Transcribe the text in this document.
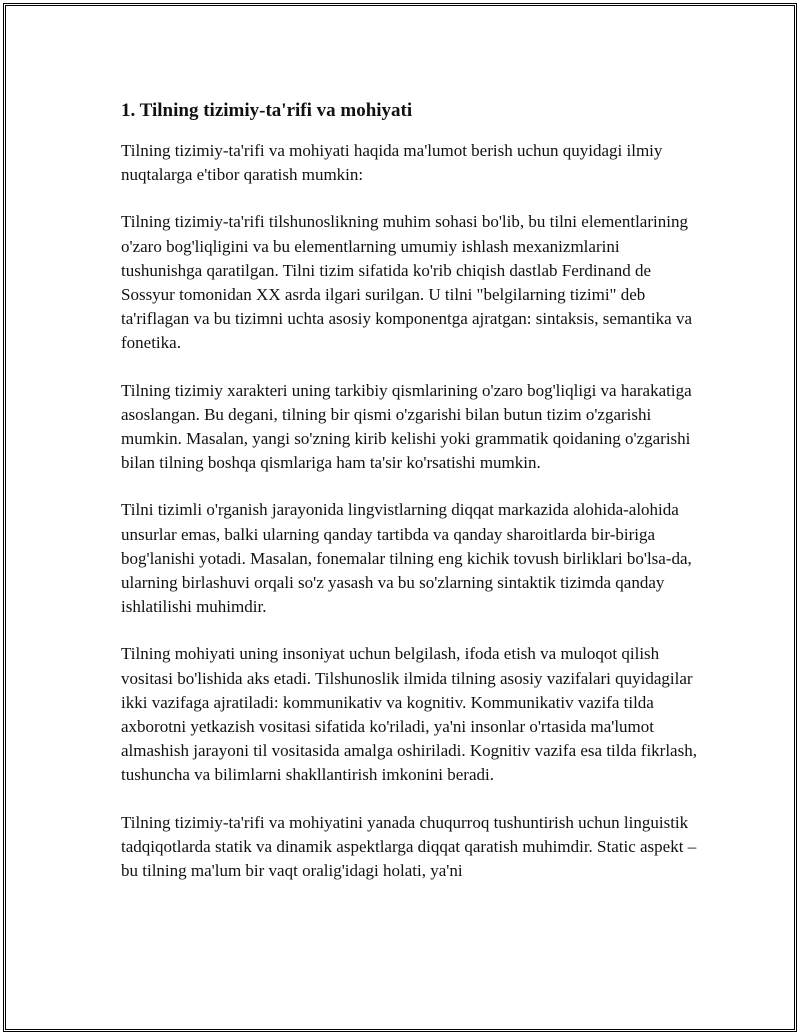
1. Tilning tizimiy-ta'rifi va mohiyati

Tilning tizimiy-ta'rifi va mohiyati haqida ma'lumot berish uchun quyidagi ilmiy nuqtalarga e'tibor qaratish mumkin:

Tilning tizimiy-ta'rifi tilshunoslikning muhim sohasi bo'lib, bu tilni elementlarining o'zaro bog'liqligini va bu elementlarning umumiy ishlash mexanizmlarini tushunishga qaratilgan. Tilni tizim sifatida ko'rib chiqish dastlab Ferdinand de Sossyur tomonidan XX asrda ilgari surilgan. U tilni "belgilarning tizimi" deb ta'riflagan va bu tizimni uchta asosiy komponentga ajratgan: sintaksis, semantika va fonetika.

Tilning tizimiy xarakteri uning tarkibiy qismlarining o'zaro bog'liqligi va harakatiga asoslangan. Bu degani, tilning bir qismi o'zgarishi bilan butun tizim o'zgarishi mumkin. Masalan, yangi so'zning kirib kelishi yoki grammatik qoidaning o'zgarishi bilan tilning boshqa qismlariga ham ta'sir ko'rsatishi mumkin.

Tilni tizimli o'rganish jarayonida lingvistlarning diqqat markazida alohida-alohida unsurlar emas, balki ularning qanday tartibda va qanday sharoitlarda bir-biriga bog'lanishi yotadi. Masalan, fonemalar tilning eng kichik tovush birliklari bo'lsa-da, ularning birlashuvi orqali so'z yasash va bu so'zlarning sintaktik tizimda qanday ishlatilishi muhimdir.

Tilning mohiyati uning insoniyat uchun belgilash, ifoda etish va muloqot qilish vositasi bo'lishida aks etadi. Tilshunoslik ilmida tilning asosiy vazifalari quyidagilar ikki vazifaga ajratiladi: kommunikativ va kognitiv. Kommunikativ vazifa tilda axborotni yetkazish vositasi sifatida ko'riladi, ya'ni insonlar o'rtasida ma'lumot almashish jarayoni til vositasida amalga oshiriladi. Kognitiv vazifa esa tilda fikrlash, tushuncha va bilimlarni shakllantirish imkonini beradi.

Tilning tizimiy-ta'rifi va mohiyatini yanada chuqurroq tushuntirish uchun linguistik tadqiqotlarda statik va dinamik aspektlarga diqqat qaratish muhimdir. Static aspekt – bu tilning ma'lum bir vaqt oralig'idagi holati, ya'ni
